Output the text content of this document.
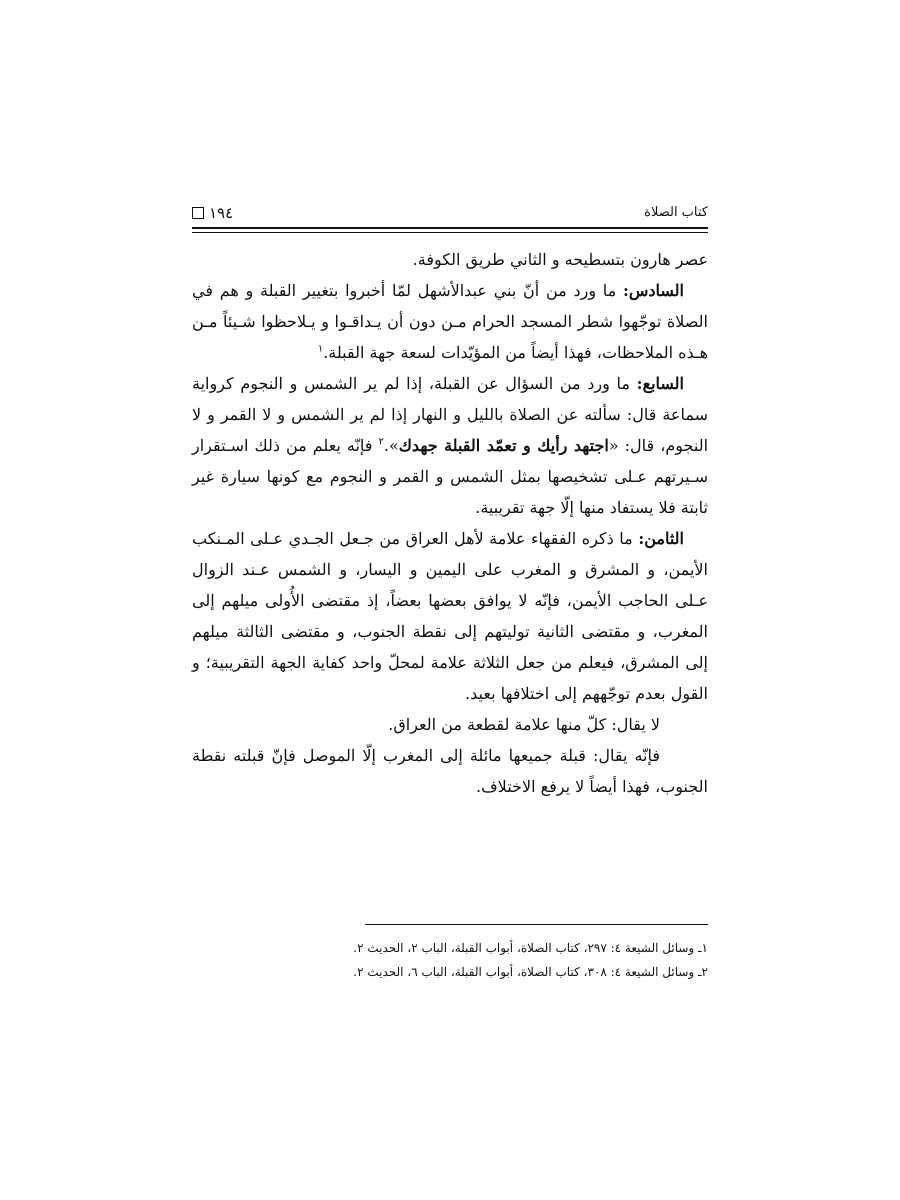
١٩٤	كتاب الصلاة

عصر هارون بتسطيحه و الثاني طريق الكوفة.

السادس: ما ورد من أنّ بني عبدالأشهل لمّا أخبروا بتغيير القبلة و هم في الصلاة توجّهوا شطر المسجد الحرام مـن دون أن يـداقـوا و يـلاحظوا شـيئاً مـن هـذه الملاحظات، فهذا أيضاً من المؤيّدات لسعة جهة القبلة.$^١$

السابع: ما ورد من السؤال عن القبلة، إذا لم ير الشمس و النجوم كرواية سماعة قال: سألته عن الصلاة بالليل و النهار إذا لم ير الشمس و لا القمر و لا النجوم، قال: «اجتهد رأيك و تعمّد القبلة جهدك».$^٢$ فإنّه يعلم من ذلك اسـتقرار سـيرتهم عـلى تشخيصها بمثل الشمس و القمر و النجوم مع كونها سيارة غير ثابتة فلا يستفاد منها إلّا جهة تقريبية.

الثامن: ما ذكره الفقهاء علامة لأهل العراق من جـعل الجـدي عـلى المـنكب الأيمن، و المشرق و المغرب على اليمين و اليسار، و الشمس عـند الزوال عـلى الحاجب الأيمن، فإنّه لا يوافق بعضها بعضاً، إذ مقتضى الأُولى ميلهم إلى المغرب، و مقتضى الثانية توليتهم إلى نقطة الجنوب، و مقتضى الثالثة ميلهم إلى المشرق، فيعلم من جعل الثلاثة علامة لمحلّ واحد كفاية الجهة التقريبية؛ و القول بعدم توجّههم إلى اختلافها بعيد.

لا يقال: كلّ منها علامة لقطعة من العراق.

فإنّه يقال: قبلة جميعها مائلة إلى المغرب إلّا الموصل فإنّ قبلته نقطة الجنوب، فهذا أيضاً لا يرفع الاختلاف.

١ـ وسائل الشيعة ٤: ٢٩٧، كتاب الصلاة، أبواب القبلة، الباب ٢، الحديث ٢.
٢ـ وسائل الشيعة ٤: ٣٠٨، كتاب الصلاة، أبواب القبلة، الباب ٦، الحديث ٢.
